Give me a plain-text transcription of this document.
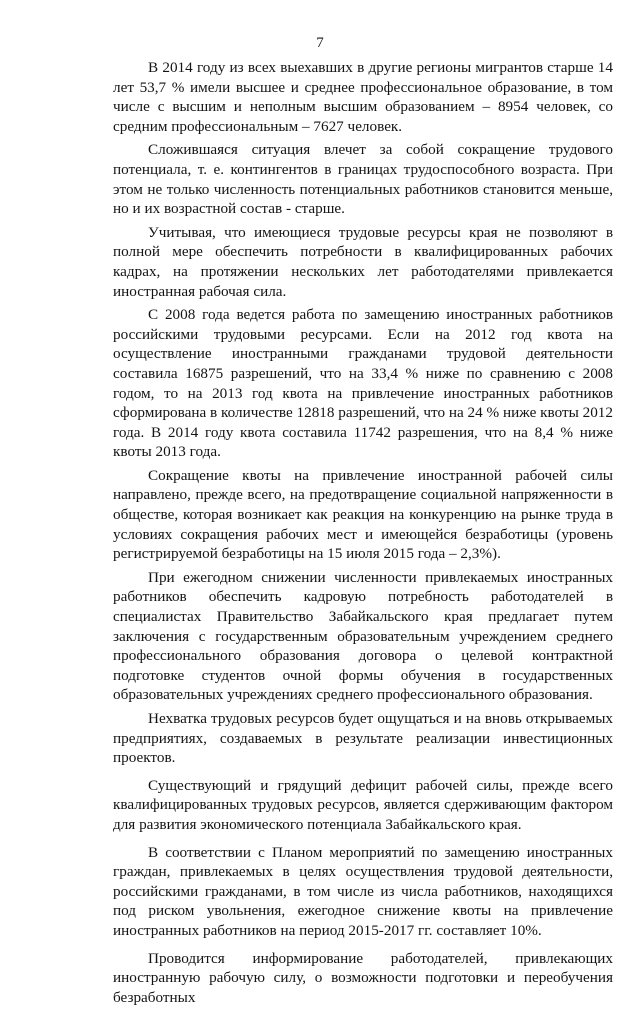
7

В 2014 году из всех выехавших в другие регионы мигрантов старше 14 лет 53,7 % имели высшее и среднее профессиональное образование, в том числе с высшим и неполным высшим образованием – 8954 человек, со средним профессиональным – 7627 человек.

Сложившаяся ситуация влечет за собой сокращение трудового потенциала, т. е. контингентов в границах трудоспособного возраста. При этом не только численность потенциальных работников становится меньше, но и их возрастной состав - старше.

Учитывая, что имеющиеся трудовые ресурсы края не позволяют в полной мере обеспечить потребности в квалифицированных рабочих кадрах, на протяжении нескольких лет работодателями привлекается иностранная рабочая сила.

С 2008 года ведется работа по замещению иностранных работников российскими трудовыми ресурсами. Если на 2012 год квота на осуществление иностранными гражданами трудовой деятельности составила 16875 разрешений, что на 33,4 % ниже по сравнению с 2008 годом, то на 2013 год квота на привлечение иностранных работников сформирована в количестве 12818 разрешений, что на 24 % ниже квоты 2012 года. В 2014 году квота составила 11742 разрешения, что на 8,4 % ниже квоты 2013 года.

Сокращение квоты на привлечение иностранной рабочей силы направлено, прежде всего, на предотвращение социальной напряженности в обществе, которая возникает как реакция на конкуренцию на рынке труда в условиях сокращения рабочих мест и имеющейся безработицы (уровень регистрируемой безработицы на 15 июля 2015 года – 2,3%).

При ежегодном снижении численности привлекаемых иностранных работников обеспечить кадровую потребность работодателей в специалистах Правительство Забайкальского края предлагает путем заключения с государственным образовательным учреждением среднего профессионального образования договора о целевой контрактной подготовке студентов очной формы обучения в государственных образовательных учреждениях среднего профессионального образования.

Нехватка трудовых ресурсов будет ощущаться и на вновь открываемых предприятиях, создаваемых в результате реализации инвестиционных проектов.

Существующий и грядущий дефицит рабочей силы, прежде всего квалифицированных трудовых ресурсов, является сдерживающим фактором для развития экономического потенциала Забайкальского края.

В соответствии с Планом мероприятий по замещению иностранных граждан, привлекаемых в целях осуществления трудовой деятельности, российскими гражданами, в том числе из числа работников, находящихся под риском увольнения, ежегодное снижение квоты на привлечение иностранных работников на период 2015-2017 гг. составляет 10%.

Проводится информирование работодателей, привлекающих иностранную рабочую силу, о возможности подготовки и переобучения безработных
